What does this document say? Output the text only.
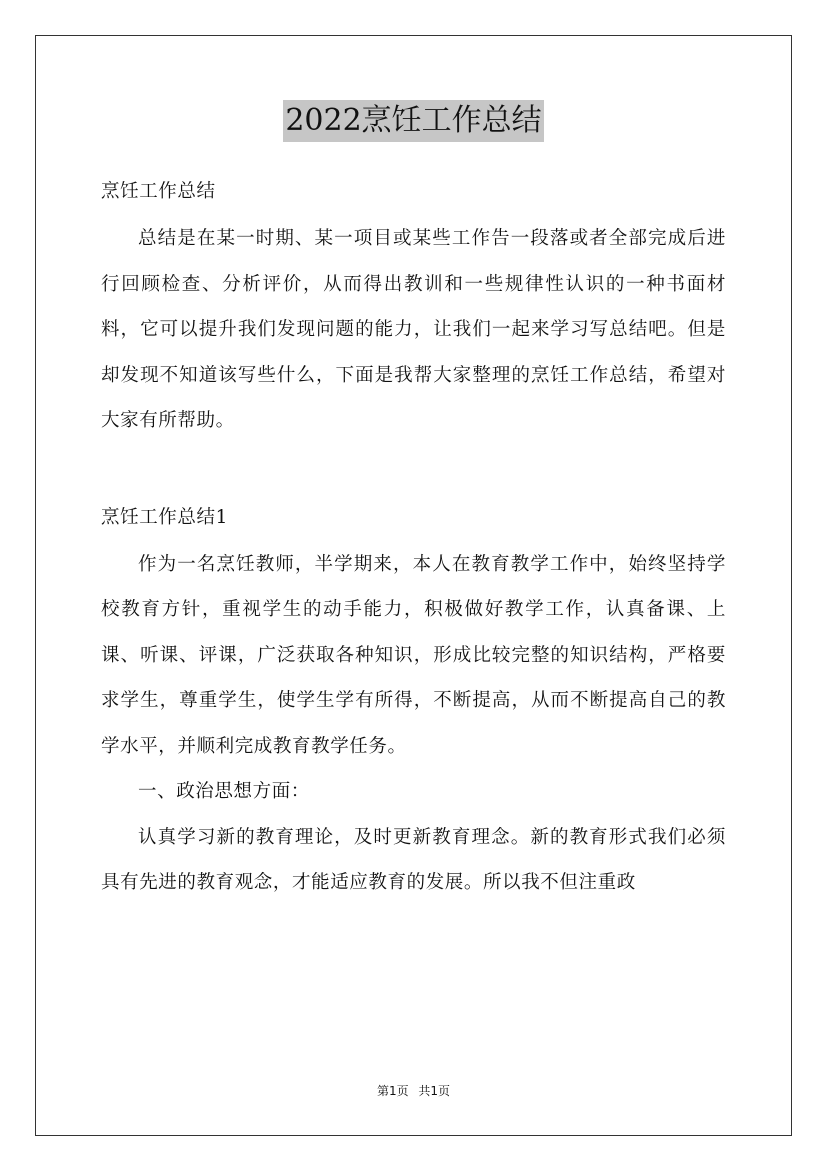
2022烹饪工作总结

烹饪工作总结

总结是在某一时期、某一项目或某些工作告一段落或者全部完成后进行回顾检查、分析评价，从而得出教训和一些规律性认识的一种书面材料，它可以提升我们发现问题的能力，让我们一起来学习写总结吧。但是却发现不知道该写些什么，下面是我帮大家整理的烹饪工作总结，希望对大家有所帮助。

烹饪工作总结1

作为一名烹饪教师，半学期来，本人在教育教学工作中，始终坚持学校教育方针，重视学生的动手能力，积极做好教学工作，认真备课、上课、听课、评课，广泛获取各种知识，形成比较完整的知识结构，严格要求学生，尊重学生，使学生学有所得，不断提高，从而不断提高自己的教学水平，并顺利完成教育教学任务。

一、政治思想方面：

认真学习新的教育理论，及时更新教育理念。新的教育形式我们必须具有先进的教育观念，才能适应教育的发展。所以我不但注重政

第1页 共1页
